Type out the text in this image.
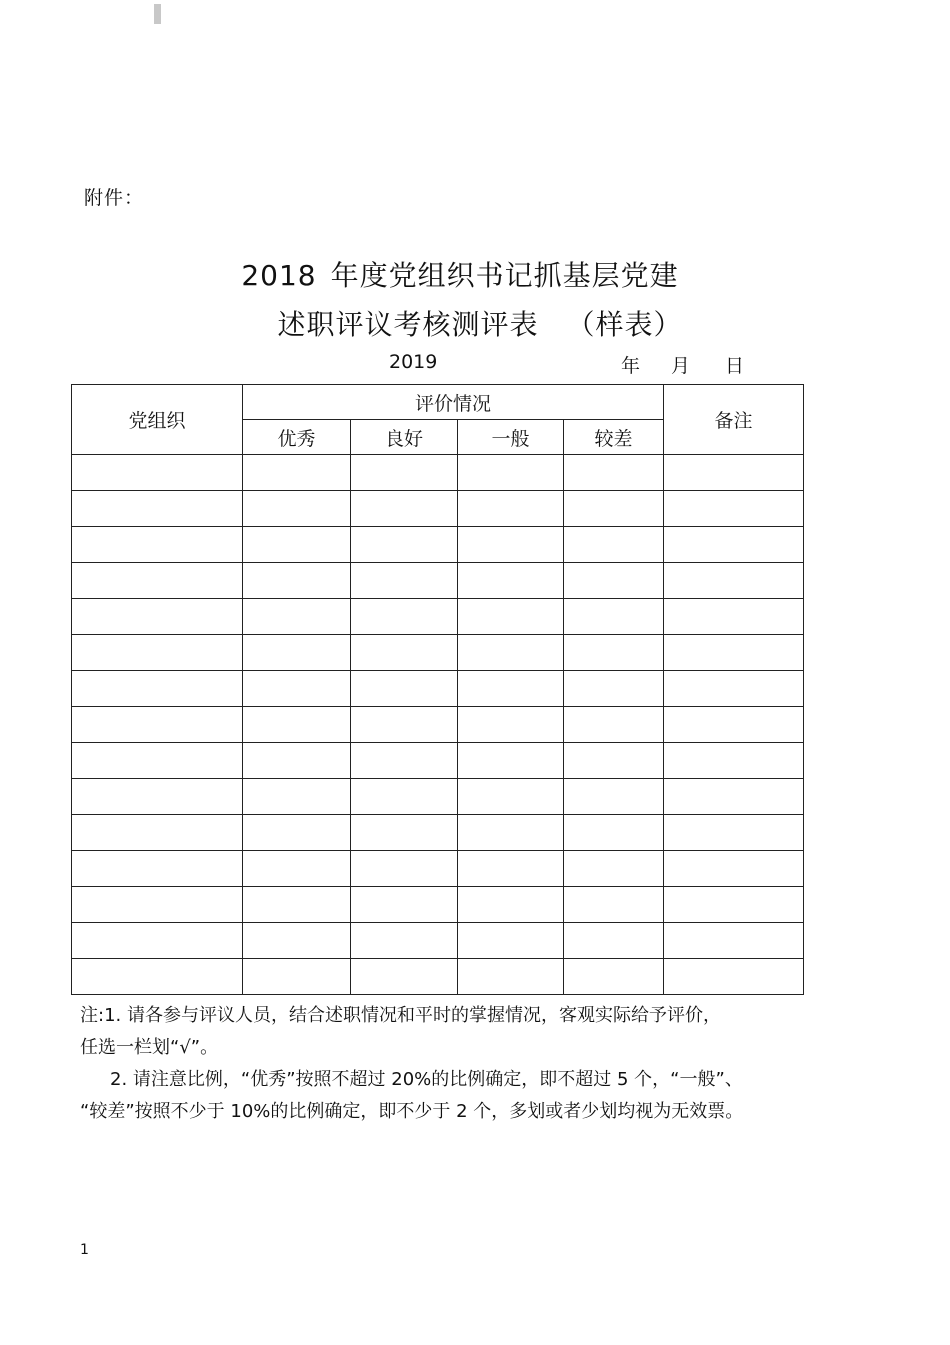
附件：
2018 年度党组织书记抓基层党建
述职评议考核测评表 （样表）
2019	年 月 日
党组织	评价情况				备注
	优秀	良好	一般	较差	

注:1. 请各参与评议人员，结合述职情况和平时的掌握情况，客观实际给予评价，

任选一栏划“√”。

2. 请注意比例，“优秀”按照不超过 20%的比例确定，即不超过 5 个，“一般”、

“较差”按照不少于 10%的比例确定，即不少于 2 个，多划或者少划均视为无效票。

1
